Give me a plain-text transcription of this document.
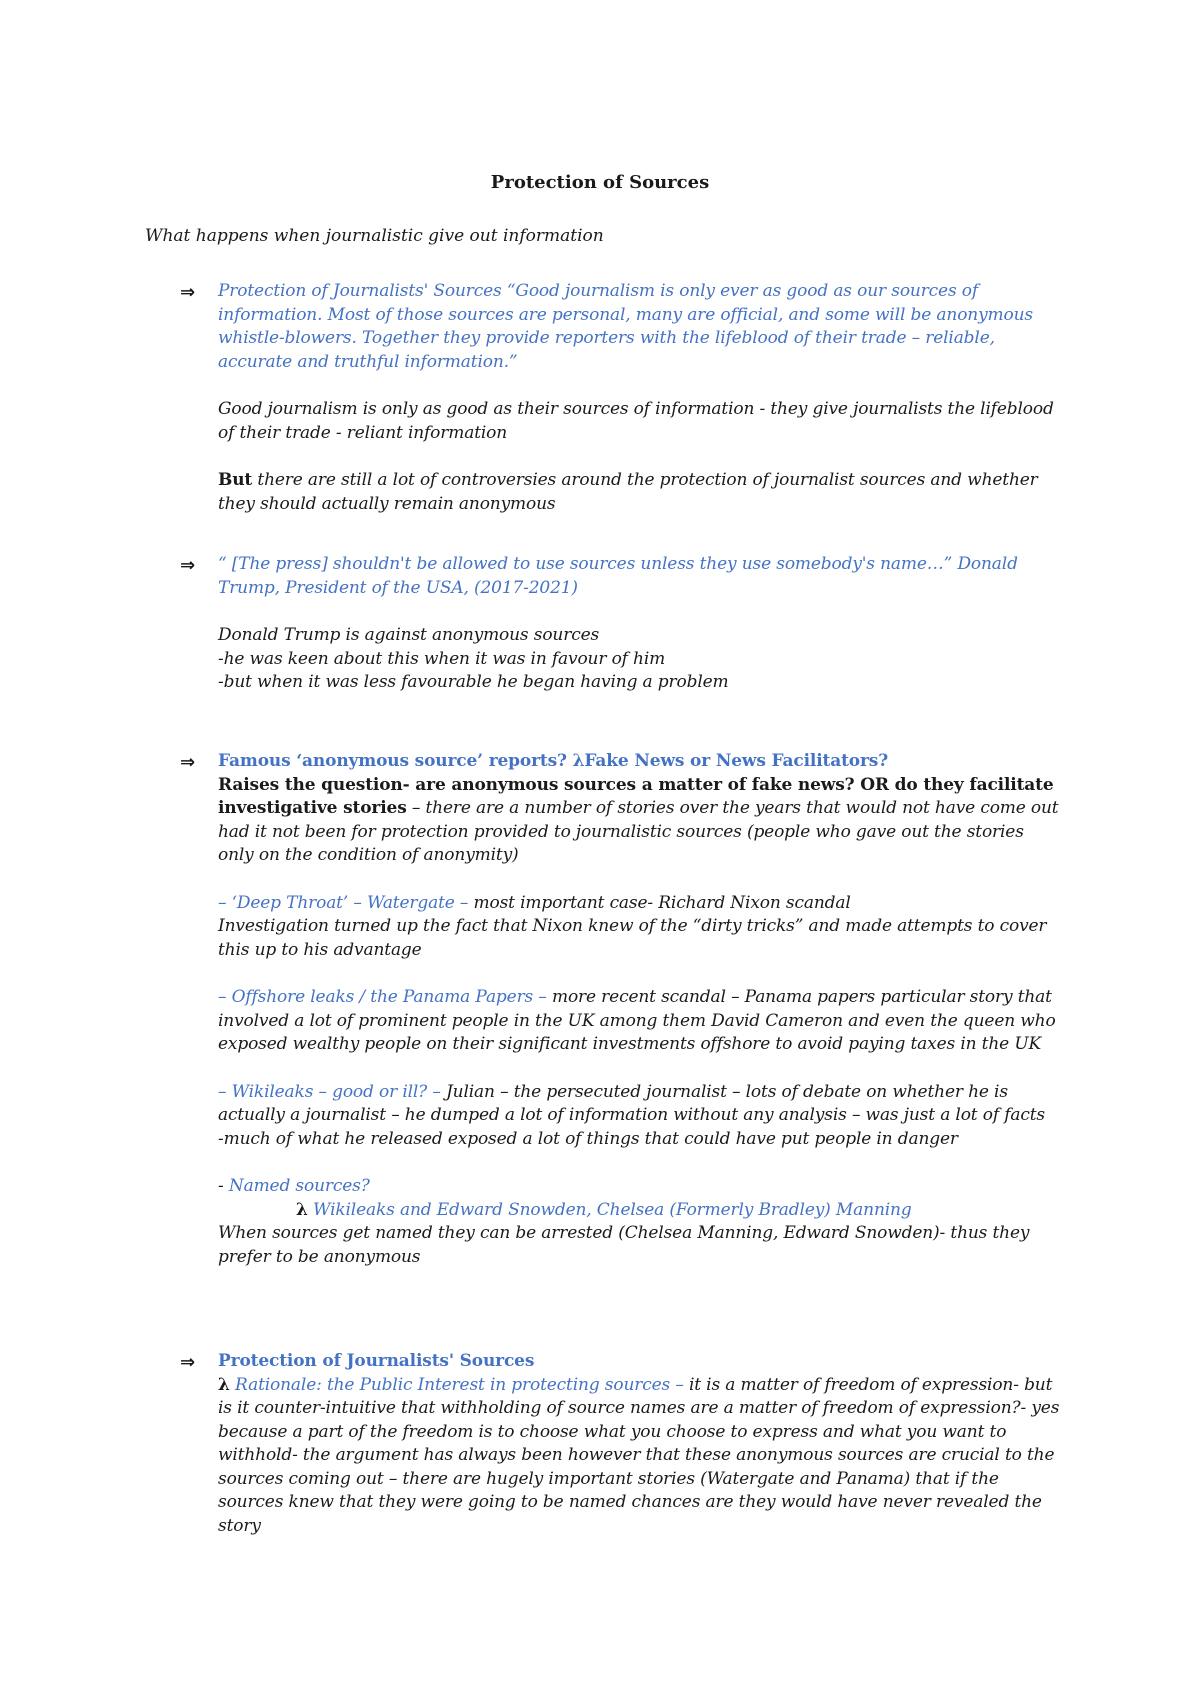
Protection of Sources
What happens when journalistic give out information
⇒ Protection of Journalists' Sources “Good journalism is only ever as good as our sources of information. Most of those sources are personal, many are official, and some will be anonymous whistle-blowers. Together they provide reporters with the lifeblood of their trade – reliable, accurate and truthful information.”

Good journalism is only as good as their sources of information - they give journalists the lifeblood of their trade - reliant information

But there are still a lot of controversies around the protection of journalist sources and whether they should actually remain anonymous

⇒ “ [The press] shouldn't be allowed to use sources unless they use somebody's name…” Donald Trump, President of the USA, (2017-2021)

Donald Trump is against anonymous sources

-he was keen about this when it was in favour of him

-but when it was less favourable he began having a problem

⇒ Famous ‘anonymous source’ reports? λFake News or News Facilitators?

Raises the question- are anonymous sources a matter of fake news? OR do they facilitate investigative stories – there are a number of stories over the years that would not have come out had it not been for protection provided to journalistic sources (people who gave out the stories only on the condition of anonymity)

– ‘Deep Throat’ – Watergate – most important case- Richard Nixon scandal

Investigation turned up the fact that Nixon knew of the “dirty tricks” and made attempts to cover this up to his advantage

– Offshore leaks / the Panama Papers – more recent scandal – Panama papers particular story that involved a lot of prominent people in the UK among them David Cameron and even the queen who exposed wealthy people on their significant investments offshore to avoid paying taxes in the UK

– Wikileaks – good or ill? – Julian – the persecuted journalist – lots of debate on whether he is actually a journalist – he dumped a lot of information without any analysis – was just a lot of facts

-much of what he released exposed a lot of things that could have put people in danger

- Named sources?

λ Wikileaks and Edward Snowden, Chelsea (Formerly Bradley) Manning

When sources get named they can be arrested (Chelsea Manning, Edward Snowden)- thus they prefer to be anonymous

⇒ Protection of Journalists' Sources

λ Rationale: the Public Interest in protecting sources – it is a matter of freedom of expression- but is it counter-intuitive that withholding of source names are a matter of freedom of expression?- yes because a part of the freedom is to choose what you choose to express and what you want to withhold- the argument has always been however that these anonymous sources are crucial to the sources coming out – there are hugely important stories (Watergate and Panama) that if the sources knew that they were going to be named chances are they would have never revealed the story
